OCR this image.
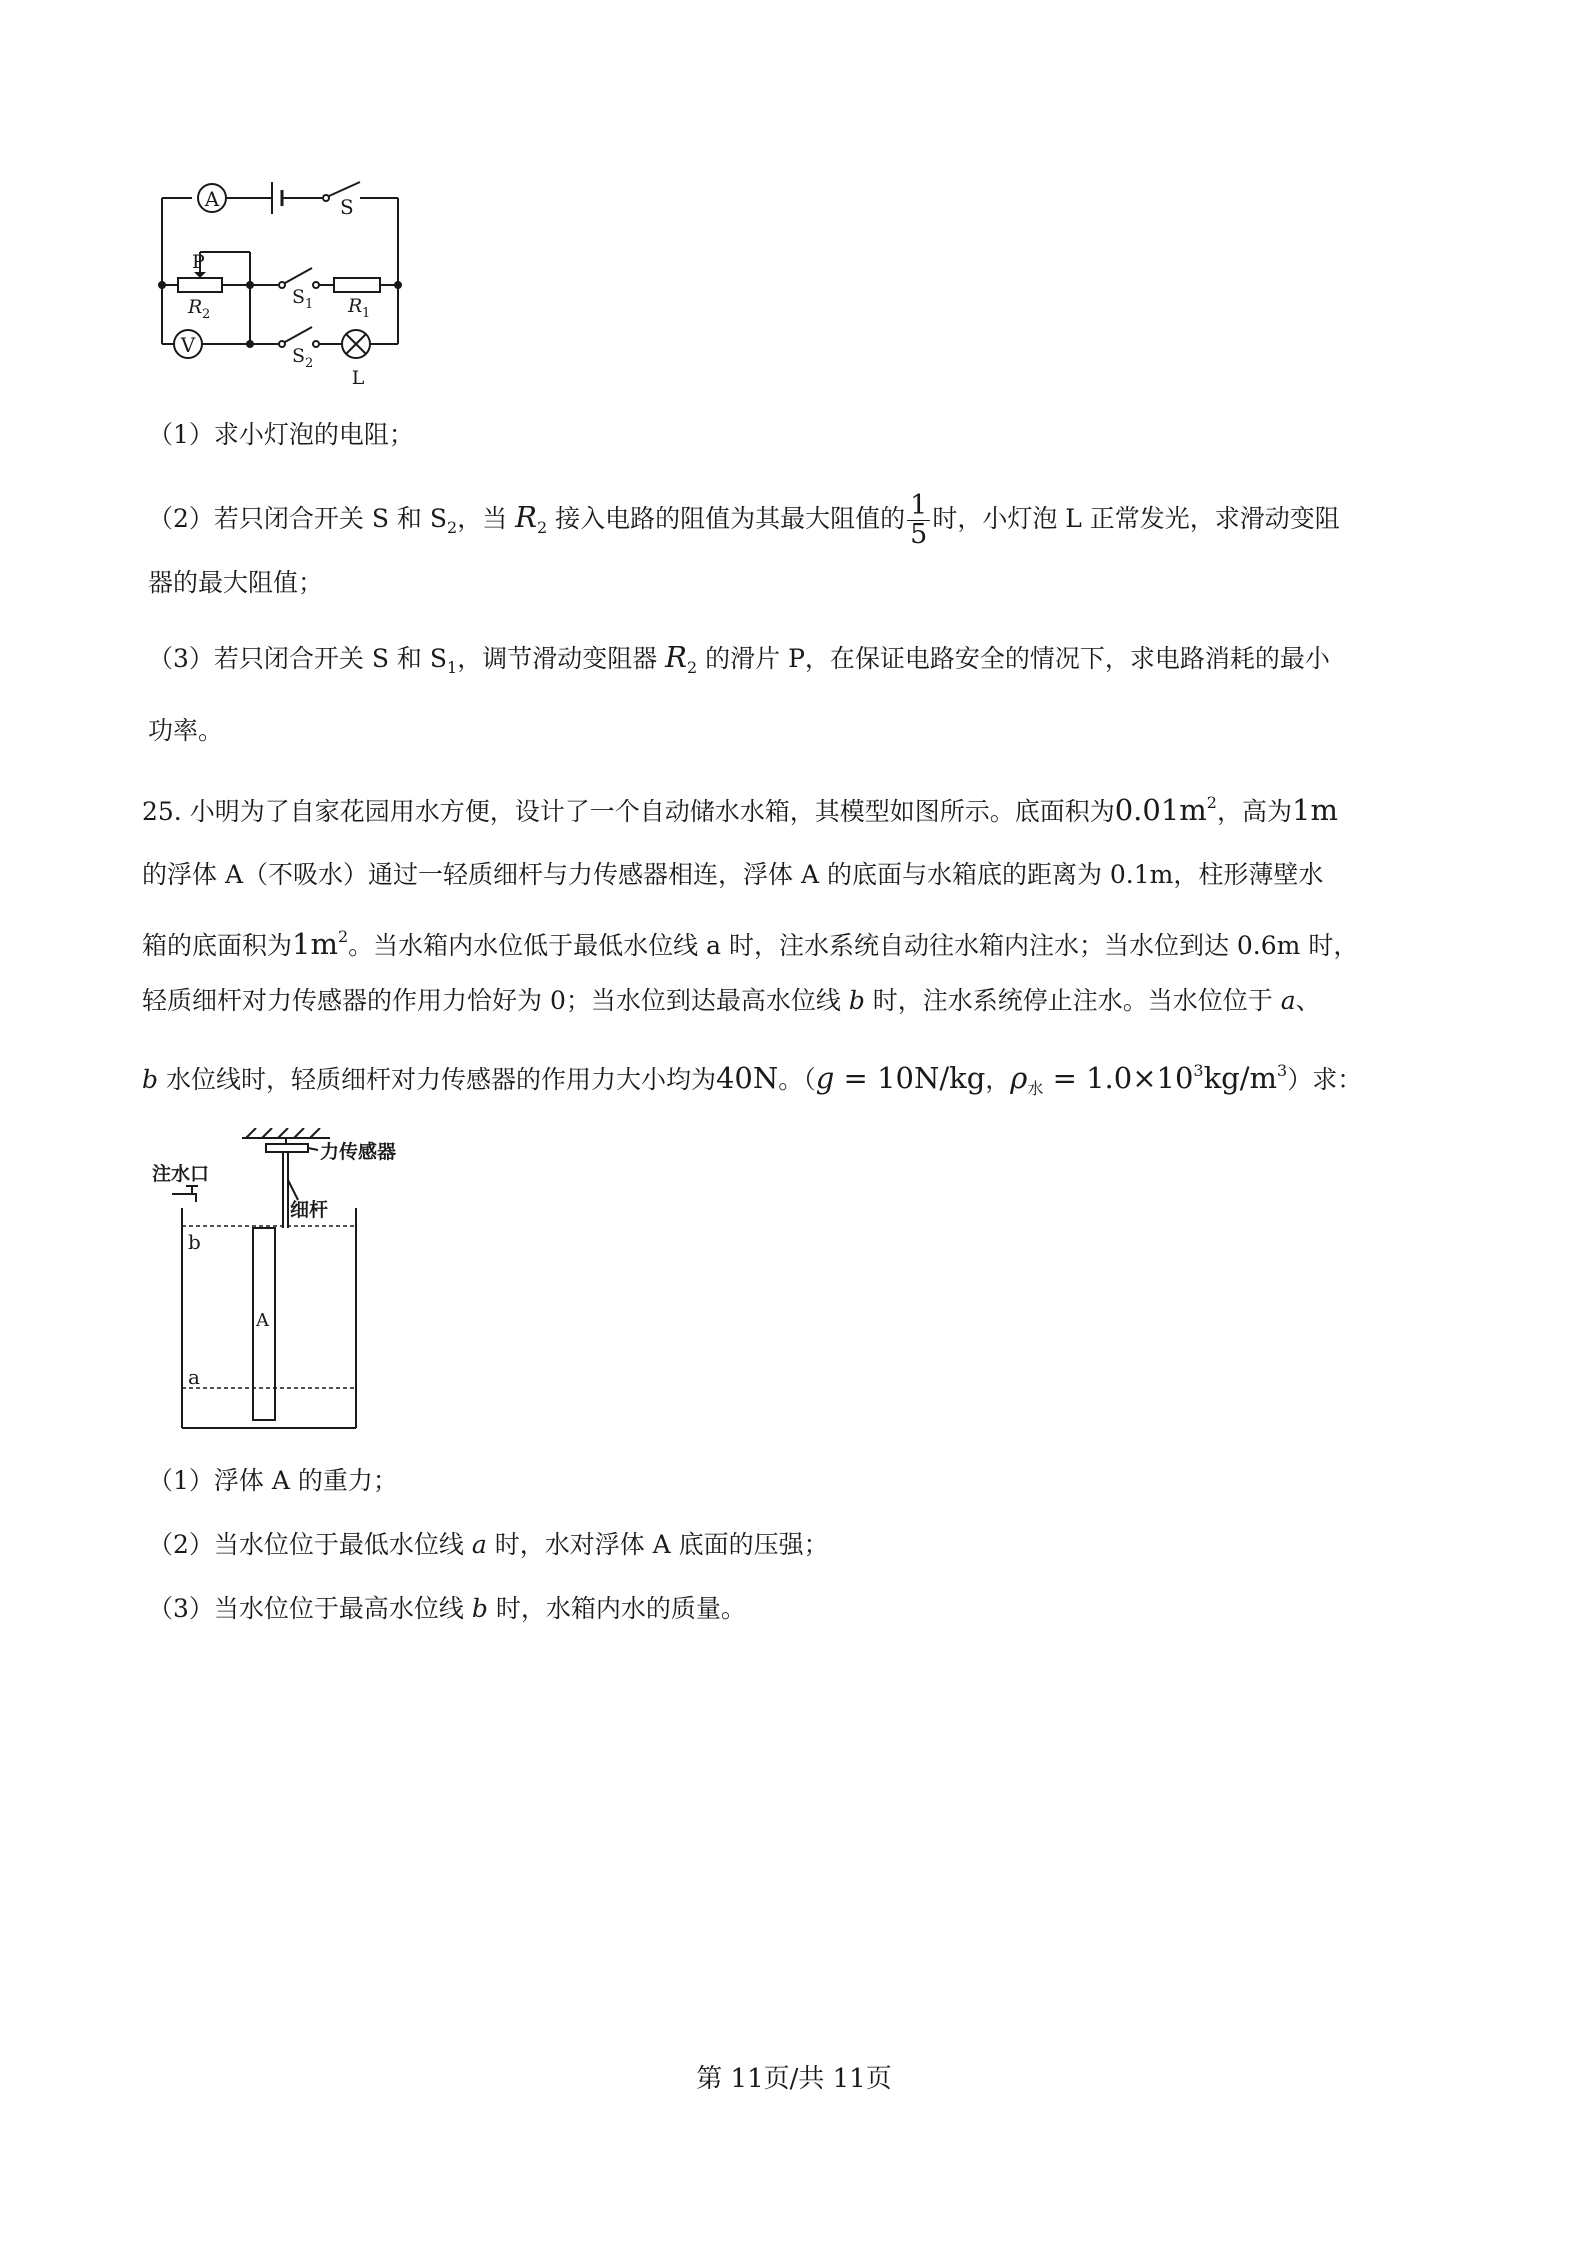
A
V
S
P
R 2
S 1 R 1
S 2
L
（1）求小灯泡的电阻；
（2）若只闭合开关 S 和 $S_2$，当 $R_2$ 接入电路的阻值为其最大阻值的 $\frac{1}{5}$ 时，小灯泡 L 正常发光，求滑动变阻
器的最大阻值；
（3）若只闭合开关 S 和 $S_1$，调节滑动变阻器 $R_2$ 的滑片 P，在保证电路安全的情况下，求电路消耗的最小
功率。
25. 小明为了自家花园用水方便，设计了一个自动储水水箱，其模型如图所示。底面积为$0.01m^2$，高为1m
的浮体 A（不吸水）通过一轻质细杆与力传感器相连，浮体 A 的底面与水箱底的距离为 0.1m，柱形薄壁水
箱的底面积为$1m^2$。当水箱内水位低于最低水位线 a 时，注水系统自动往水箱内注水；当水位到达 0.6m 时，
轻质细杆对力传感器的作用力恰好为 0；当水位到达最高水位线 b 时，注水系统停止注水。当水位位于 a、
b 水位线时，轻质细杆对力传感器的作用力大小均为40N。（g = 10N/kg，$\rho_水 = 1.0\times 10^3kg/m^3$）求：
注水口
力传感器
细杆
b
A
a
（1）浮体 A 的重力；
（2）当水位位于最低水位线 a 时，水对浮体 A 底面的压强；
（3）当水位位于最高水位线 b 时，水箱内水的质量。
第 11页/共 11页
